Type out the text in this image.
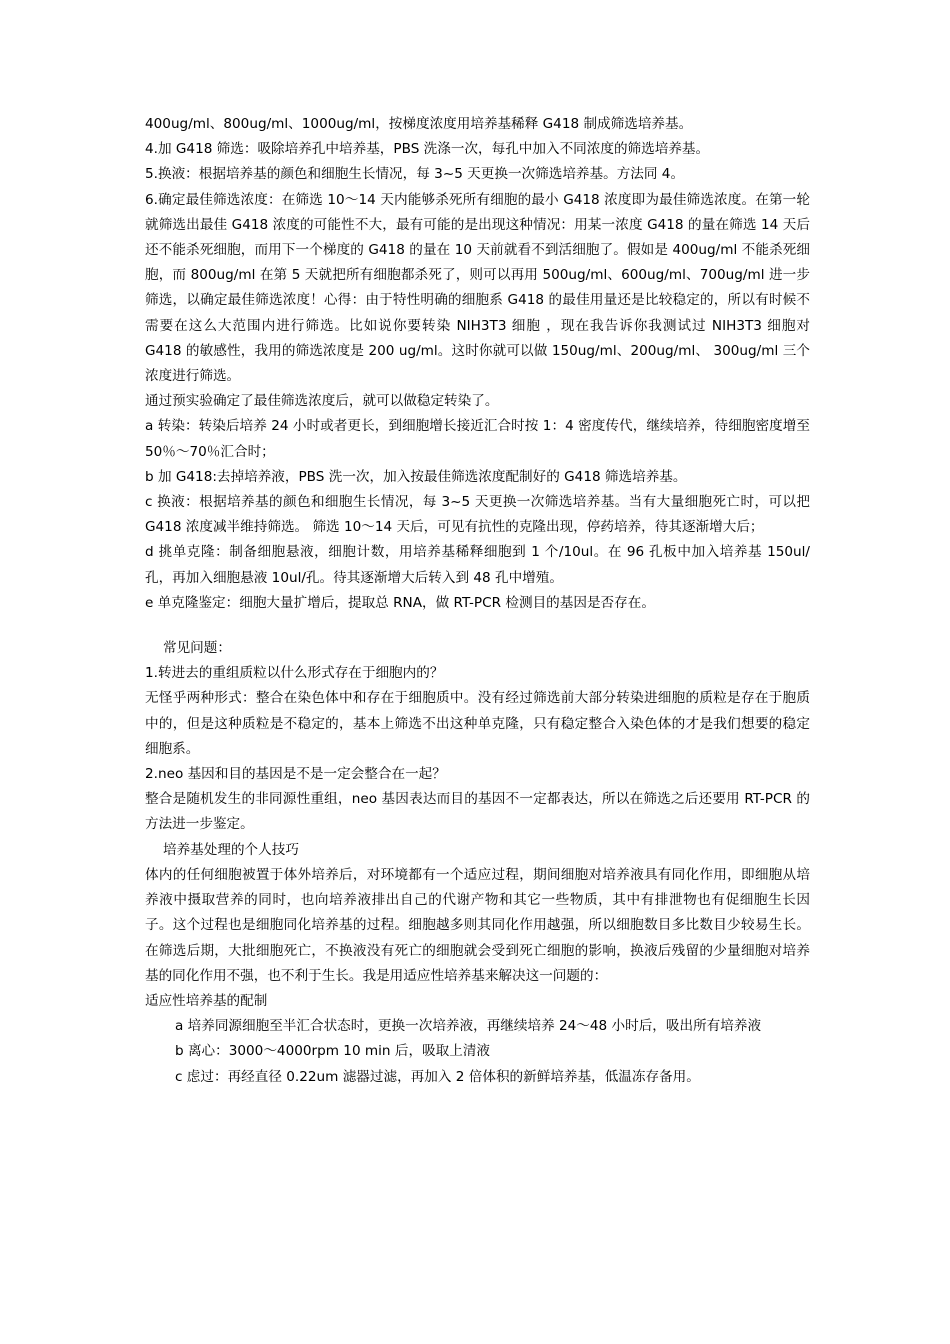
400ug/ml、800ug/ml、1000ug/ml，按梯度浓度用培养基稀释 G418 制成筛选培养基。

4.加 G418 筛选：吸除培养孔中培养基，PBS 洗涤一次，每孔中加入不同浓度的筛选培养基。

5.换液：根据培养基的颜色和细胞生长情况，每 3~5 天更换一次筛选培养基。方法同 4。

6.确定最佳筛选浓度：在筛选 10～14 天内能够杀死所有细胞的最小 G418 浓度即为最佳筛选浓度。在第一轮就筛选出最佳 G418 浓度的可能性不大，最有可能的是出现这种情况：用某一浓度 G418 的量在筛选 14 天后还不能杀死细胞，而用下一个梯度的 G418 的量在 10 天前就看不到活细胞了。假如是 400ug/ml 不能杀死细胞，而 800ug/ml 在第 5 天就把所有细胞都杀死了，则可以再用 500ug/ml、600ug/ml、700ug/ml 进一步筛选，以确定最佳筛选浓度！心得：由于特性明确的细胞系 G418 的最佳用量还是比较稳定的，所以有时候不需要在这么大范围内进行筛选。比如说你要转染 NIH3T3 细胞 ，现在我告诉你我测试过 NIH3T3 细胞对 G418 的敏感性，我用的筛选浓度是 200 ug/ml。这时你就可以做 150ug/ml、200ug/ml、 300ug/ml 三个浓度进行筛选。

通过预实验确定了最佳筛选浓度后，就可以做稳定转染了。

a 转染：转染后培养 24 小时或者更长，到细胞增长接近汇合时按 1：4 密度传代，继续培养，待细胞密度增至 50％～70％汇合时；

b 加 G418:去掉培养液，PBS 洗一次，加入按最佳筛选浓度配制好的 G418 筛选培养基。

c 换液：根据培养基的颜色和细胞生长情况，每 3~5 天更换一次筛选培养基。当有大量细胞死亡时，可以把 G418 浓度减半维持筛选。 筛选 10～14 天后，可见有抗性的克隆出现，停药培养，待其逐渐增大后；

d 挑单克隆：制备细胞悬液，细胞计数，用培养基稀释细胞到 1 个/10ul。在 96 孔板中加入培养基 150ul/孔，再加入细胞悬液 10ul/孔。待其逐渐增大后转入到 48 孔中增殖。

e 单克隆鉴定：细胞大量扩增后，提取总 RNA，做 RT-PCR 检测目的基因是否存在。

常见问题：

1.转进去的重组质粒以什么形式存在于细胞内的？

无怪乎两种形式：整合在染色体中和存在于细胞质中。没有经过筛选前大部分转染进细胞的质粒是存在于胞质中的，但是这种质粒是不稳定的，基本上筛选不出这种单克隆，只有稳定整合入染色体的才是我们想要的稳定细胞系。

2.neo 基因和目的基因是不是一定会整合在一起？

整合是随机发生的非同源性重组，neo 基因表达而目的基因不一定都表达，所以在筛选之后还要用 RT-PCR 的方法进一步鉴定。

培养基处理的个人技巧

体内的任何细胞被置于体外培养后，对环境都有一个适应过程，期间细胞对培养液具有同化作用，即细胞从培养液中摄取营养的同时，也向培养液排出自己的代谢产物和其它一些物质，其中有排泄物也有促细胞生长因子。这个过程也是细胞同化培养基的过程。细胞越多则其同化作用越强，所以细胞数目多比数目少较易生长。在筛选后期，大批细胞死亡，不换液没有死亡的细胞就会受到死亡细胞的影响，换液后残留的少量细胞对培养基的同化作用不强，也不利于生长。我是用适应性培养基来解决这一问题的：

适应性培养基的配制

a 培养同源细胞至半汇合状态时，更换一次培养液，再继续培养 24～48 小时后，吸出所有培养液

b 离心：3000～4000rpm 10 min 后，吸取上清液

c 虑过：再经直径 0.22um 滤器过滤，再加入 2 倍体积的新鲜培养基，低温冻存备用。
